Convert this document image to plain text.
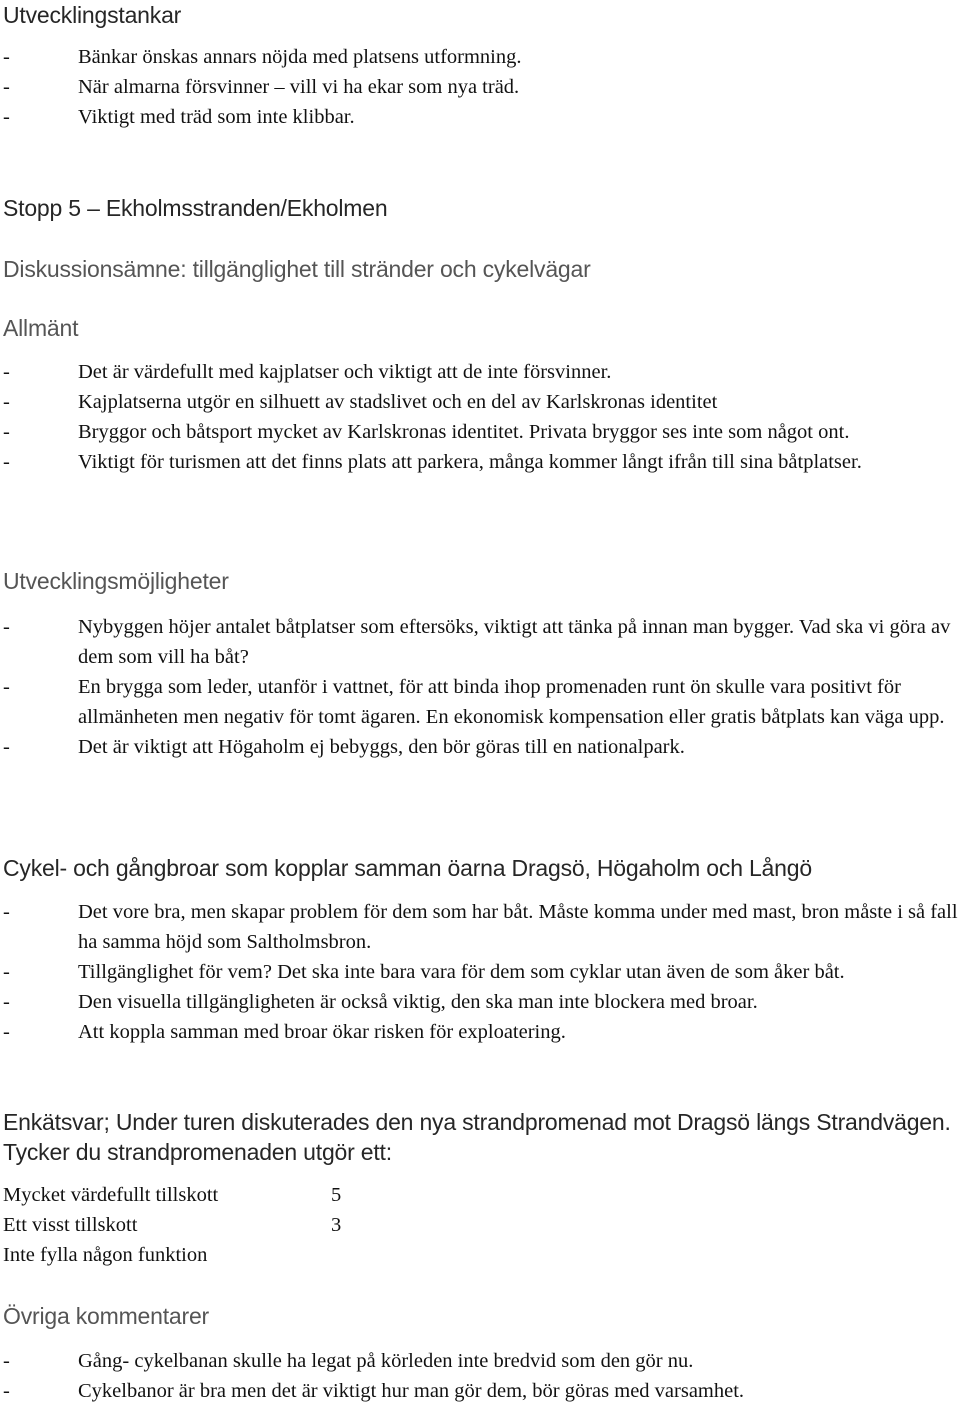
Utvecklingstankar
-	Bänkar önskas annars nöjda med platsens utformning.
-	När almarna försvinner – vill vi ha ekar som nya träd.
-	Viktigt med träd som inte klibbar.
Stopp 5 – Ekholmsstranden/Ekholmen
Diskussionsämne: tillgänglighet till stränder och cykelvägar
Allmänt
-	Det är värdefullt med kajplatser och viktigt att de inte försvinner.
-	Kajplatserna utgör en silhuett av stadslivet och en del av Karlskronas identitet
-	Bryggor och båtsport mycket av Karlskronas identitet. Privata bryggor ses inte som något ont.
-	Viktigt för turismen att det finns plats att parkera, många kommer långt ifrån till sina båtplatser.
Utvecklingsmöjligheter
-	Nybyggen höjer antalet båtplatser som eftersöks, viktigt att tänka på innan man bygger. Vad ska vi göra av dem som vill ha båt?
-	En brygga som leder, utanför i vattnet, för att binda ihop promenaden runt ön skulle vara positivt för allmänheten men negativ för tomt ägaren. En ekonomisk kompensation eller gratis båtplats kan väga upp.
-	Det är viktigt att Högaholm ej bebyggs, den bör göras till en nationalpark.
Cykel- och gångbroar som kopplar samman öarna Dragsö, Högaholm och Långö
-	Det vore bra, men skapar problem för dem som har båt. Måste komma under med mast, bron måste i så fall ha samma höjd som Saltholmsbron.
-	Tillgänglighet för vem? Det ska inte bara vara för dem som cyklar utan även de som åker båt.
-	Den visuella tillgängligheten är också viktig, den ska man inte blockera med broar.
-	Att koppla samman med broar ökar risken för exploatering.
Enkätsvar; Under turen diskuterades den nya strandpromenad mot Dragsö längs Strandvägen. Tycker du strandpromenaden utgör ett:
Mycket värdefullt tillskott	5
Ett visst tillskott	3
Inte fylla någon funktion
Övriga kommentarer
-	Gång- cykelbanan skulle ha legat på körleden inte bredvid som den gör nu.
-	Cykelbanor är bra men det är viktigt hur man gör dem, bör göras med varsamhet.
